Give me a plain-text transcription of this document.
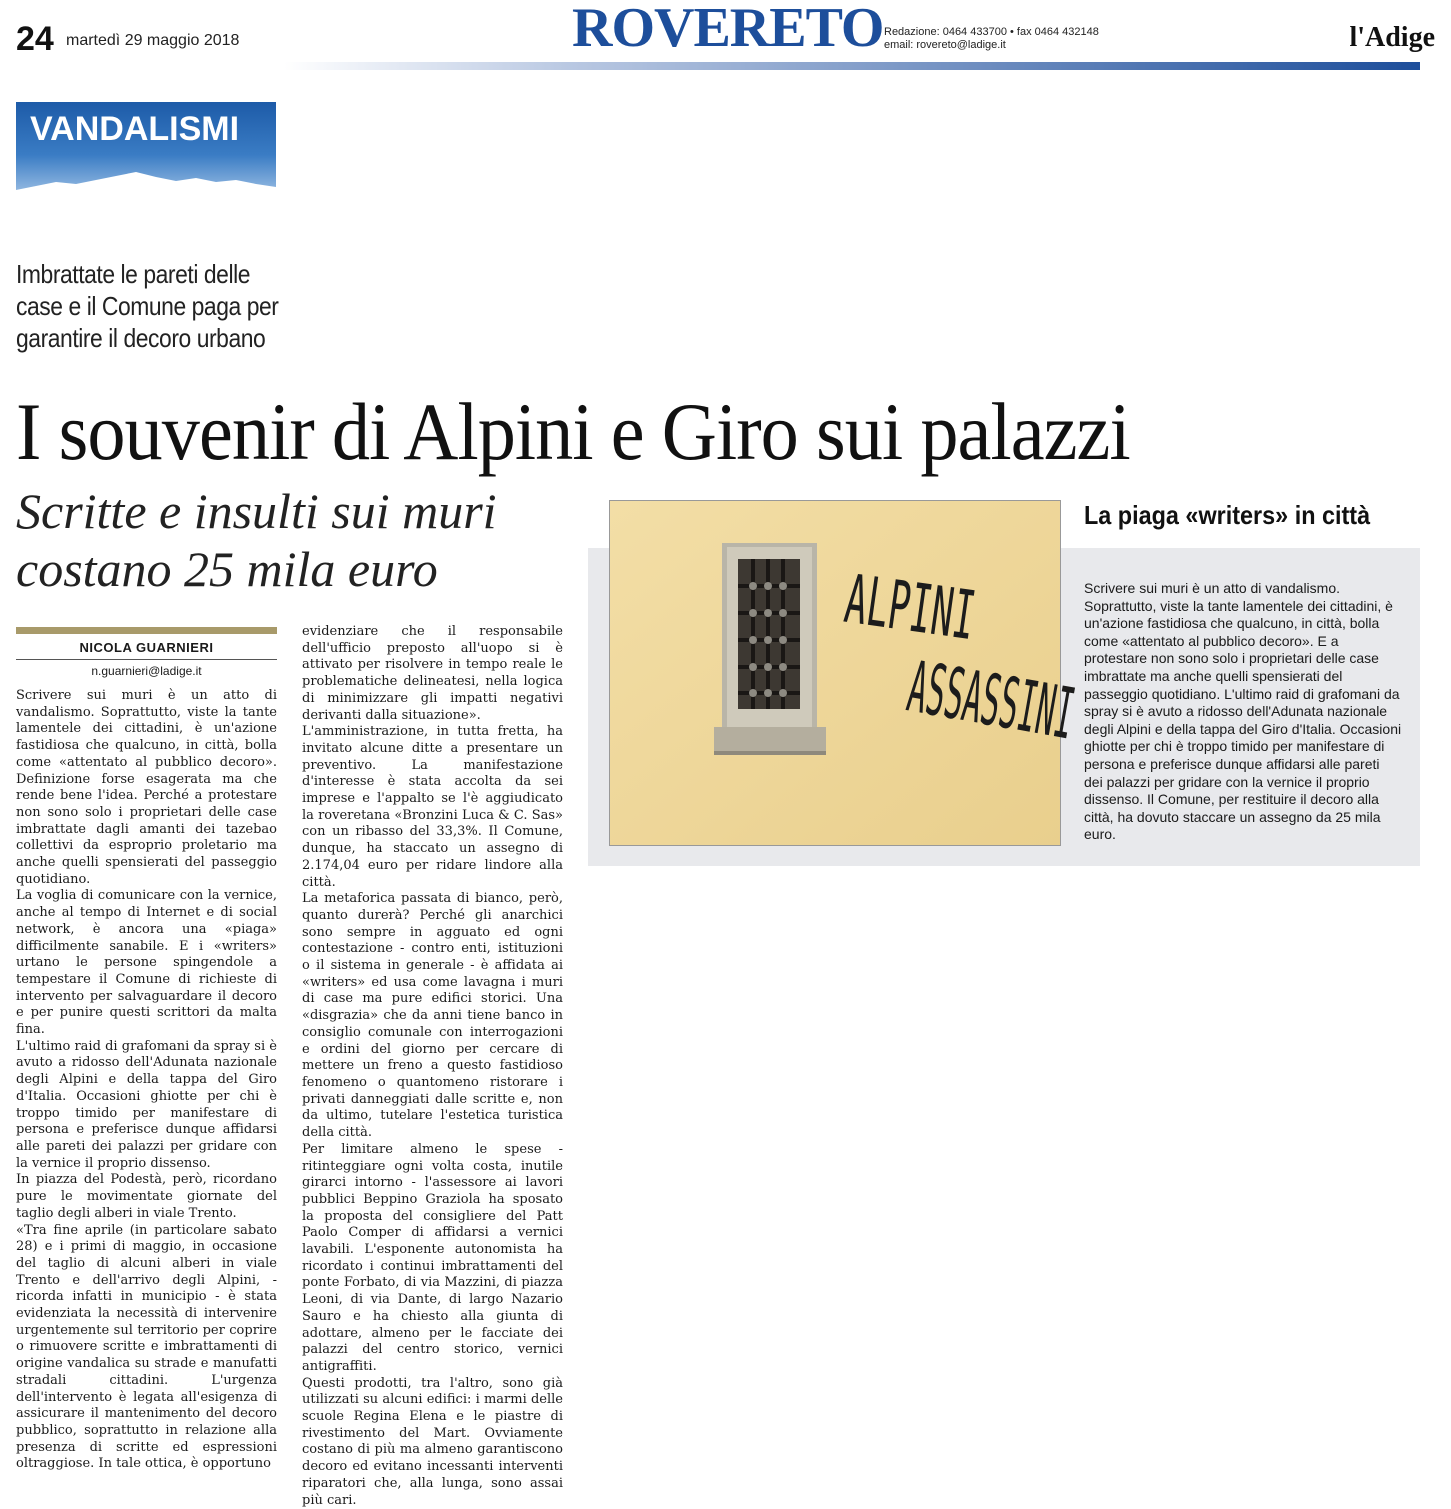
24 martedì 29 maggio 2018	ROVERETO Redazione: 0464 433700 • fax 0464 432148
email: rovereto@ladige.it	l'Adige
VANDALISMI
Imbrattate le pareti delle case e il Comune paga per garantire il decoro urbano
I souvenir di Alpini e Giro sui palazzi
Scritte e insulti sui muri costano 25 mila euro
NICOLA GUARNIERI
n.guarnieri@ladige.it

Scrivere sui muri è un atto di vandalismo. Soprattutto, viste la tante lamentele dei cittadini, è un'azione fastidiosa che qualcuno, in città, bolla come «attentato al pubblico decoro». Definizione forse esagerata ma che rende bene l'idea. Perché a protestare non sono solo i proprietari delle case imbrattate dagli amanti dei tazebao collettivi da esproprio proletario ma anche quelli spensierati del passeggio quotidiano.

La voglia di comunicare con la vernice, anche al tempo di Internet e di social network, è ancora una «piaga» difficilmente sanabile. E i «writers» urtano le persone spingendole a tempestare il Comune di richieste di intervento per salvaguardare il decoro e per punire questi scrittori da malta fina.

L'ultimo raid di grafomani da spray si è avuto a ridosso dell'Adunata nazionale degli Alpini e della tappa del Giro d'Italia. Occasioni ghiotte per chi è troppo timido per manifestare di persona e preferisce dunque affidarsi alle pareti dei palazzi per gridare con la vernice il proprio dissenso.

In piazza del Podestà, però, ricordano pure le movimentate giornate del taglio degli alberi in viale Trento.

«Tra fine aprile (in particolare sabato 28) e i primi di maggio, in occasione del taglio di alcuni alberi in viale Trento e dell'arrivo degli Alpini, - ricorda infatti in municipio - è stata evidenziata la necessità di intervenire urgentemente sul territorio per coprire o rimuovere scritte e imbrattamenti di origine vandalica su strade e manufatti stradali cittadini. L'urgenza dell'intervento è legata all'esigenza di assicurare il mantenimento del decoro pubblico, soprattutto in relazione alla presenza di scritte ed espressioni oltraggiose. In tale ottica, è opportuno

evidenziare che il responsabile dell'ufficio preposto all'uopo si è attivato per risolvere in tempo reale le problematiche delineatesi, nella logica di minimizzare gli impatti negativi derivanti dalla situazione».

L'amministrazione, in tutta fretta, ha invitato alcune ditte a presentare un preventivo. La manifestazione d'interesse è stata accolta da sei imprese e l'appalto se l'è aggiudicato la roveretana «Bronzini Luca & C. Sas» con un ribasso del 33,3%. Il Comune, dunque, ha staccato un assegno di 2.174,04 euro per ridare lindore alla città.

La metaforica passata di bianco, però, quanto durerà? Perché gli anarchici sono sempre in agguato ed ogni contestazione - contro enti, istituzioni o il sistema in generale - è affidata ai «writers» ed usa come lavagna i muri di case ma pure edifici storici. Una «disgrazia» che da anni tiene banco in consiglio comunale con interrogazioni e ordini del giorno per cercare di mettere un freno a questo fastidioso fenomeno o quantomeno ristorare i privati danneggiati dalle scritte e, non da ultimo, tutelare l'estetica turistica della città.

Per limitare almeno le spese - ritinteggiare ogni volta costa, inutile girarci intorno - l'assessore ai lavori pubblici Beppino Graziola ha sposato la proposta del consigliere del Patt Paolo Comper di affidarsi a vernici lavabili. L'esponente autonomista ha ricordato i continui imbrattamenti del ponte Forbato, di via Mazzini, di piazza Leoni, di via Dante, di largo Nazario Sauro e ha chiesto alla giunta di adottare, almeno per le facciate dei palazzi del centro storico, vernici antigraffiti.

Questi prodotti, tra l'altro, sono già utilizzati su alcuni edifici: i marmi delle scuole Regina Elena e le piastre di rivestimento del Mart. Ovviamente costano di più ma almeno garantiscono decoro ed evitano incessanti interventi riparatori che, alla lunga, sono assai più cari.

ALPINI
ASSASSINI
La piaga «writers» in città
Scrivere sui muri è un atto di vandalismo. Soprattutto, viste la tante lamentele dei cittadini, è un'azione fastidiosa che qualcuno, in città, bolla come «attentato al pubblico decoro». E a protestare non sono solo i proprietari delle case imbrattate ma anche quelli spensierati del passeggio quotidiano. L'ultimo raid di grafomani da spray si è avuto a ridosso dell'Adunata nazionale degli Alpini e della tappa del Giro d'Italia. Occasioni ghiotte per chi è troppo timido per manifestare di persona e preferisce dunque affidarsi alle pareti dei palazzi per gridare con la vernice il proprio dissenso. Il Comune, per restituire il decoro alla città, ha dovuto staccare un assegno da 25 mila euro.
